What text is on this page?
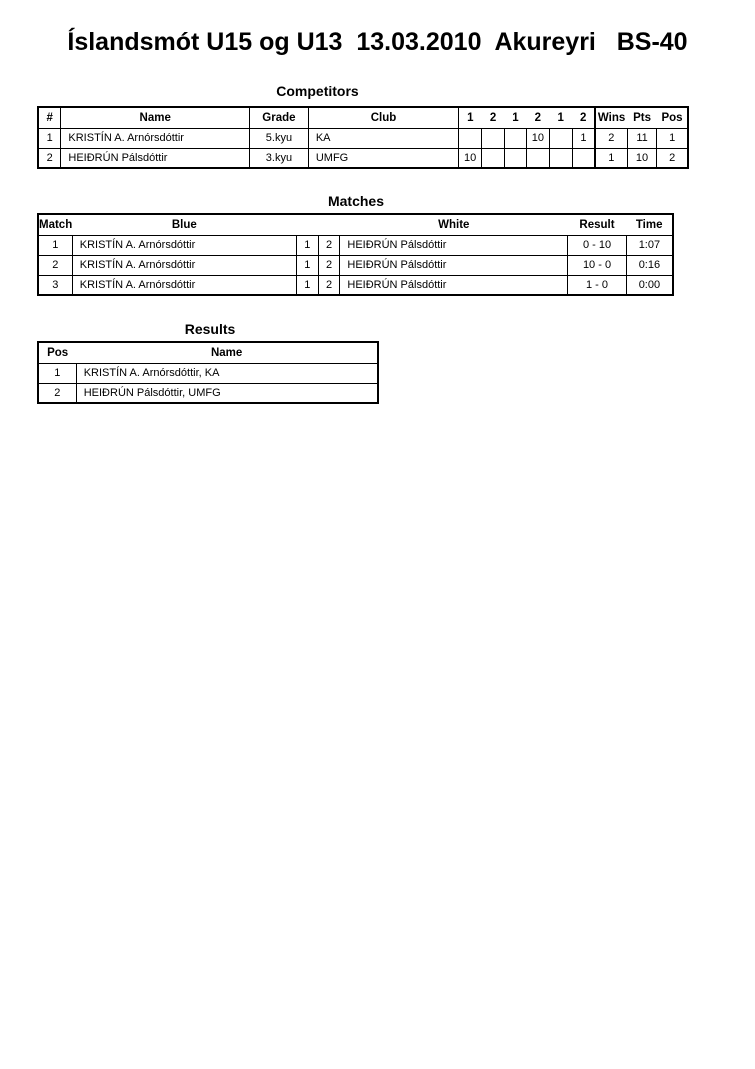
Íslandsmót U15 og U13  13.03.2010  Akureyri   BS-40
Competitors
#	Name	Grade	Club	1	2	1	2	1	2	Wins	Pts	Pos
1	KRISTÍN A. Arnórsdóttir	5.kyu	KA				10		1	2	11	1
2	HEIÐRÚN Pálsdóttir	3.kyu	UMFG	10						1	10	2
Matches
Match	Blue			White	Result	Time
1	KRISTÍN A. Arnórsdóttir	1	2	HEIÐRÚN Pálsdóttir	0 - 10	1:07
2	KRISTÍN A. Arnórsdóttir	1	2	HEIÐRÚN Pálsdóttir	10 - 0	0:16
3	KRISTÍN A. Arnórsdóttir	1	2	HEIÐRÚN Pálsdóttir	1 - 0	0:00
Results
Pos	Name
1	KRISTÍN A. Arnórsdóttir, KA
2	HEIÐRÚN Pálsdóttir, UMFG
